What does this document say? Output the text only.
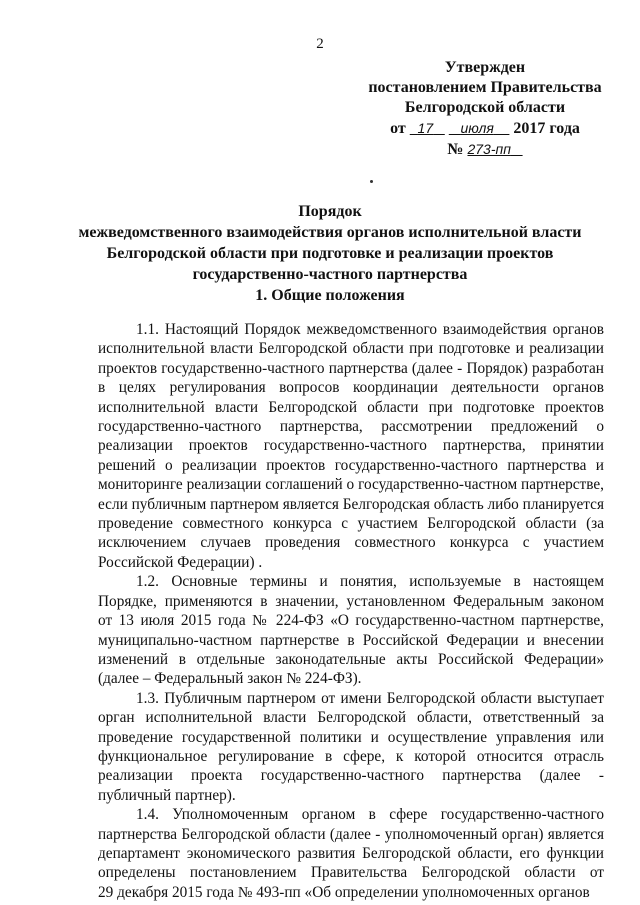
2
Утвержден
постановлением Правительства
Белгородской области
от 17 июля 2017 года
№ 273-пп
Порядок
межведомственного взаимодействия органов исполнительной власти
Белгородской области при подготовке и реализации проектов
государственно-частного партнерства
1. Общие положения
1.1. Настоящий Порядок межведомственного взаимодействия органов
исполнительной власти Белгородской области при подготовке и реализации
проектов государственно-частного партнерства (далее - Порядок) разработан
в целях регулирования вопросов координации деятельности органов
исполнительной власти Белгородской области при подготовке проектов
государственно-частного партнерства, рассмотрении предложений о
реализации проектов государственно-частного партнерства, принятии
решений о реализации проектов государственно-частного партнерства и
мониторинге реализации соглашений о государственно-частном партнерстве,
если публичным партнером является Белгородская область либо планируется
проведение совместного конкурса с участием Белгородской области (за
исключением случаев проведения совместного конкурса с участием
Российской Федерации) .
1.2. Основные термины и понятия, используемые в настоящем
Порядке, применяются в значении, установленном Федеральным законом
от 13 июля 2015 года № 224-ФЗ «О государственно-частном партнерстве,
муниципально-частном партнерстве в Российской Федерации и внесении
изменений в отдельные законодательные акты Российской Федерации»
(далее – Федеральный закон № 224-ФЗ).
1.3. Публичным партнером от имени Белгородской области выступает
орган исполнительной власти Белгородской области, ответственный за
проведение государственной политики и осуществление управления или
функциональное регулирование в сфере, к которой относится отрасль
реализации проекта государственно-частного партнерства (далее -
публичный партнер).
1.4. Уполномоченным органом в сфере государственно-частного
партнерства Белгородской области (далее - уполномоченный орган) является
департамент экономического развития Белгородской области, его функции
определены постановлением Правительства Белгородской области от
29 декабря 2015 года № 493-пп «Об определении уполномоченных органов
